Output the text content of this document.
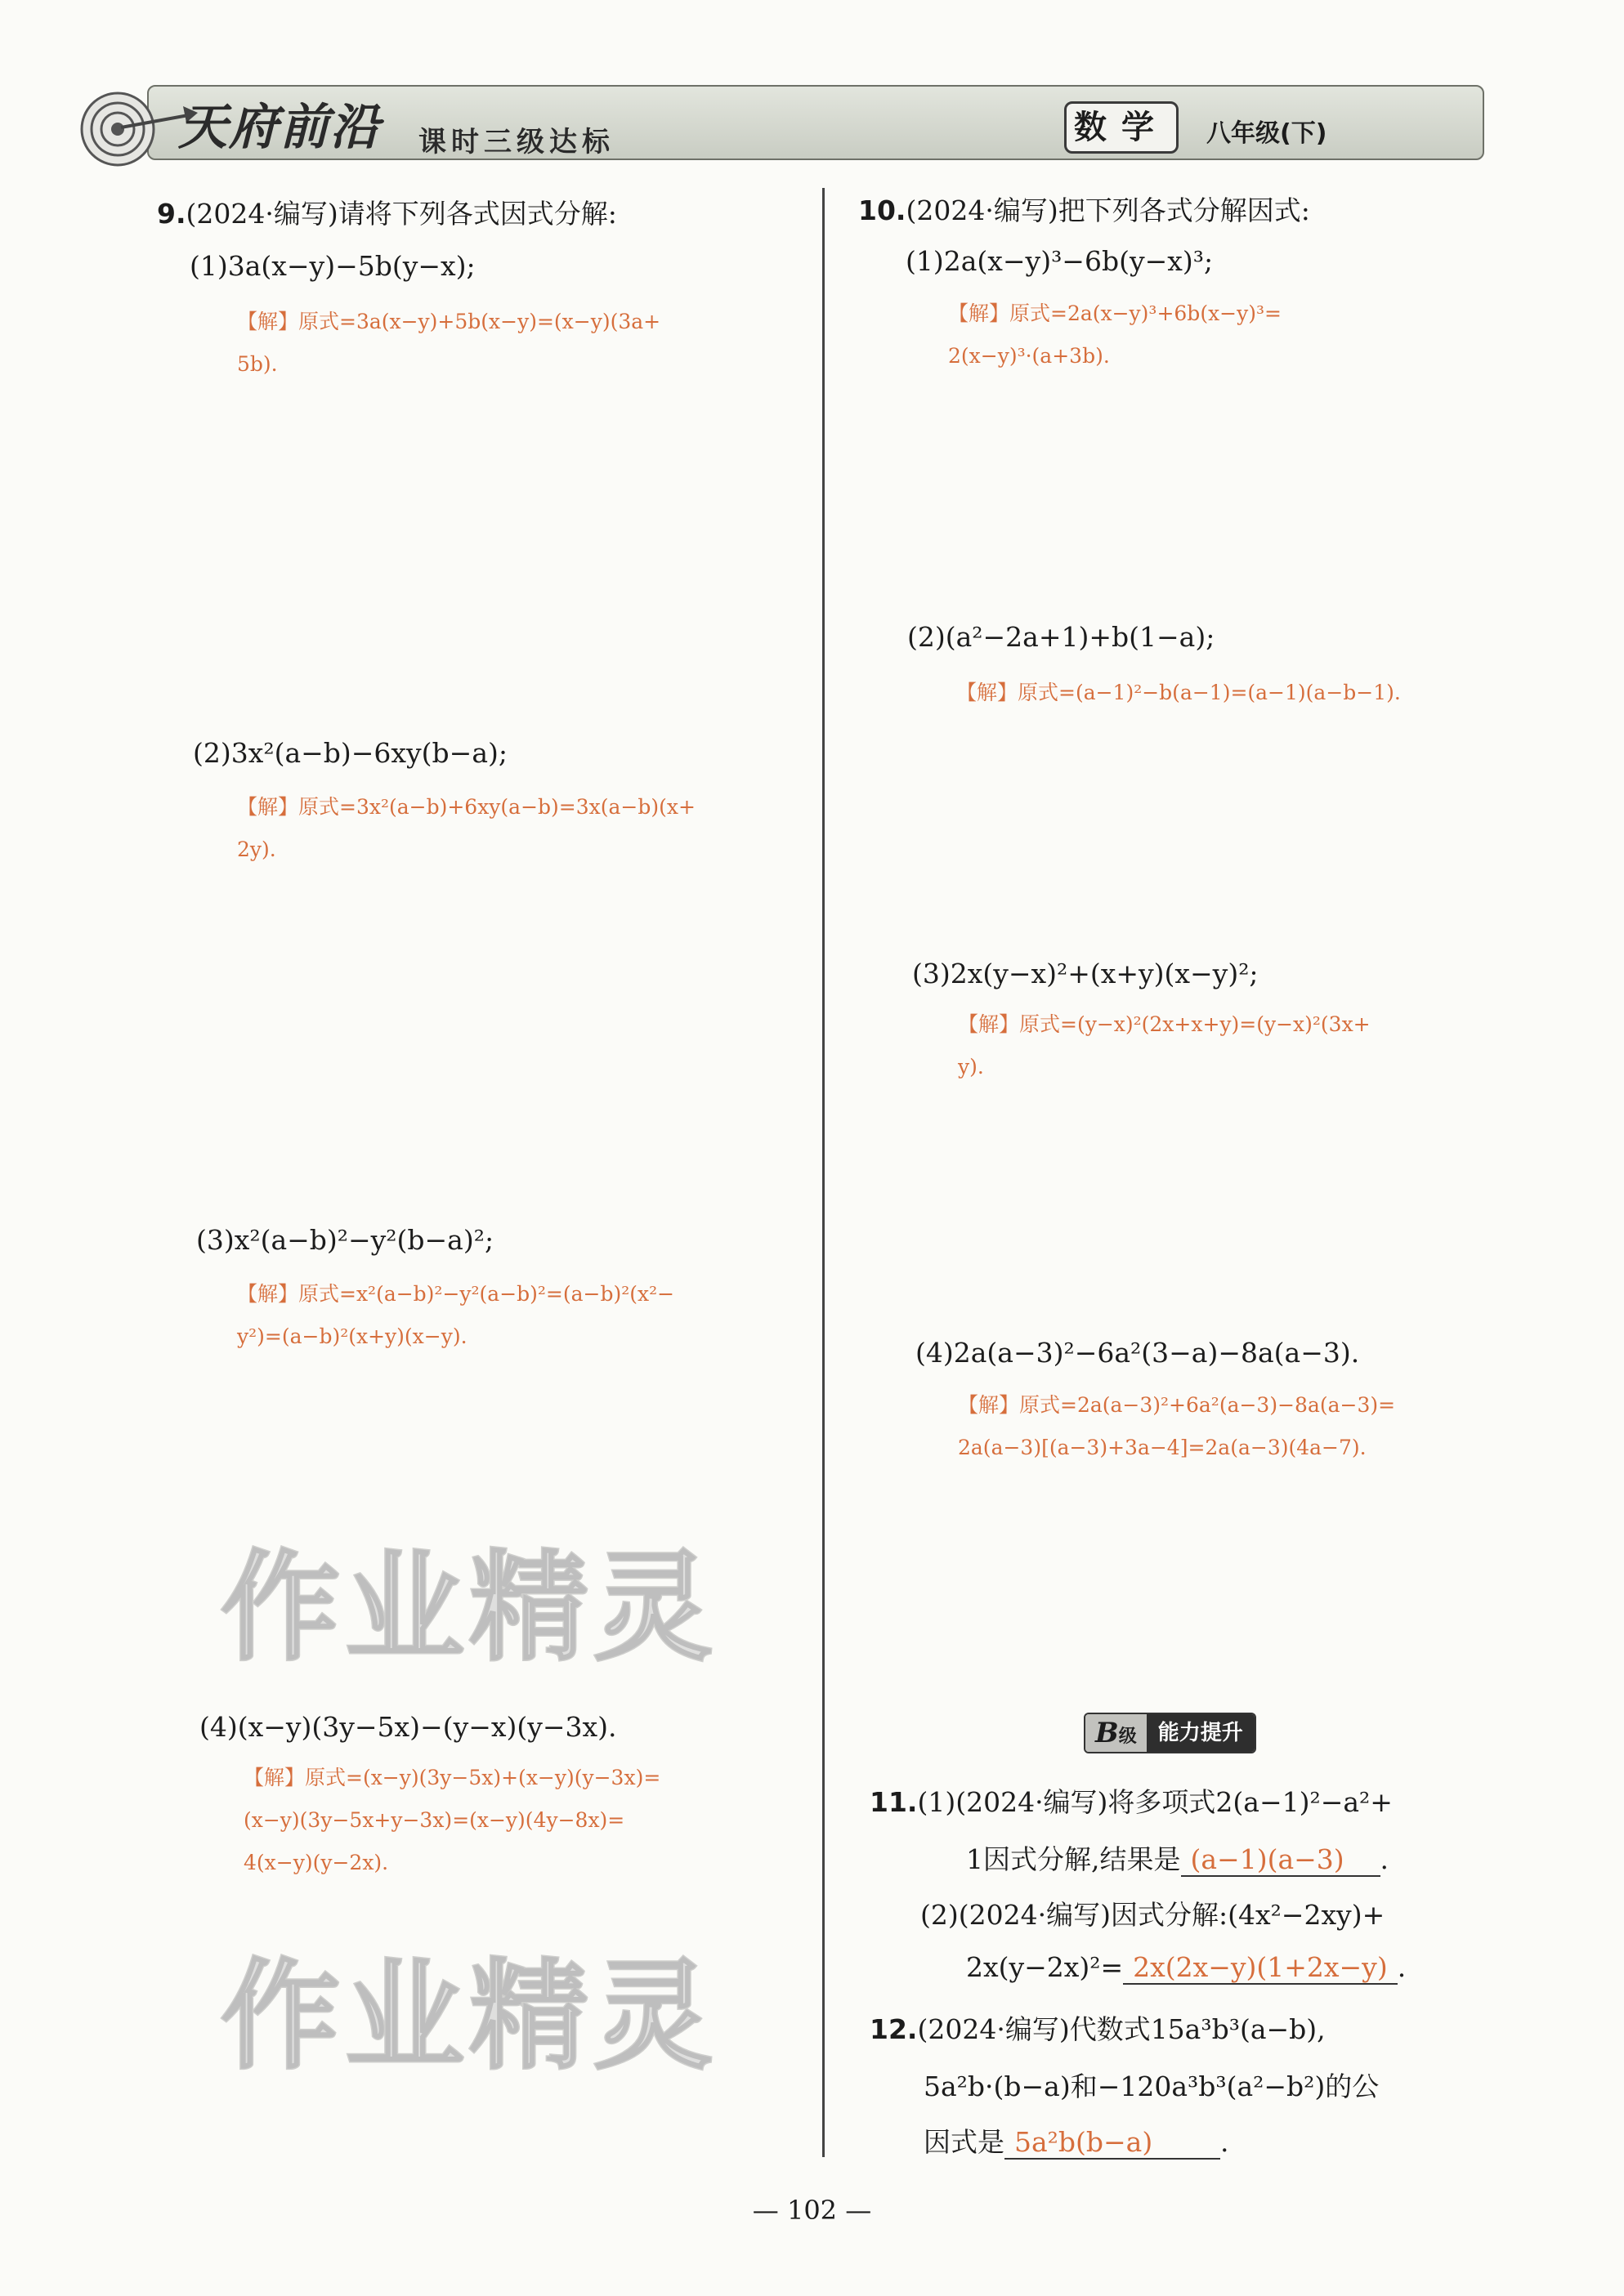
天府前沿 课时三级达标	数学	八年级(下)
作业精灵
作业精灵
9.(2024·编写)请将下列各式因式分解:
(1)3a(x−y)−5b(y−x);
【解】原式=3a(x−y)+5b(x−y)=(x−y)(3a+
5b).
(2)3x²(a−b)−6xy(b−a);
【解】原式=3x²(a−b)+6xy(a−b)=3x(a−b)(x+
2y).
(3)x²(a−b)²−y²(b−a)²;
【解】原式=x²(a−b)²−y²(a−b)²=(a−b)²(x²−
y²)=(a−b)²(x+y)(x−y).
(4)(x−y)(3y−5x)−(y−x)(y−3x).
【解】原式=(x−y)(3y−5x)+(x−y)(y−3x)=
(x−y)(3y−5x+y−3x)=(x−y)(4y−8x)=
4(x−y)(y−2x).
10.(2024·编写)把下列各式分解因式:
(1)2a(x−y)³−6b(y−x)³;
【解】原式=2a(x−y)³+6b(x−y)³=
2(x−y)³·(a+3b).
(2)(a²−2a+1)+b(1−a);
【解】原式=(a−1)²−b(a−1)=(a−1)(a−b−1).
(3)2x(y−x)²+(x+y)(x−y)²;
【解】原式=(y−x)²(2x+x+y)=(y−x)²(3x+
y).
(4)2a(a−3)²−6a²(3−a)−8a(a−3).
【解】原式=2a(a−3)²+6a²(a−3)−8a(a−3)=
2a(a−3)[(a−3)+3a−4]=2a(a−3)(4a−7).
B级	能力提升
11.(1)(2024·编写)将多项式2(a−1)²−a²+
1因式分解,结果是 (a−1)(a−3) .
(2)(2024·编写)因式分解:(4x²−2xy)+
2x(y−2x)²= 2x(2x−y)(1+2x−y) .
12.(2024·编写)代数式15a³b³(a−b),
5a²b·(b−a)和−120a³b³(a²−b²)的公
因式是 5a²b(b−a)	.
— 102 —
